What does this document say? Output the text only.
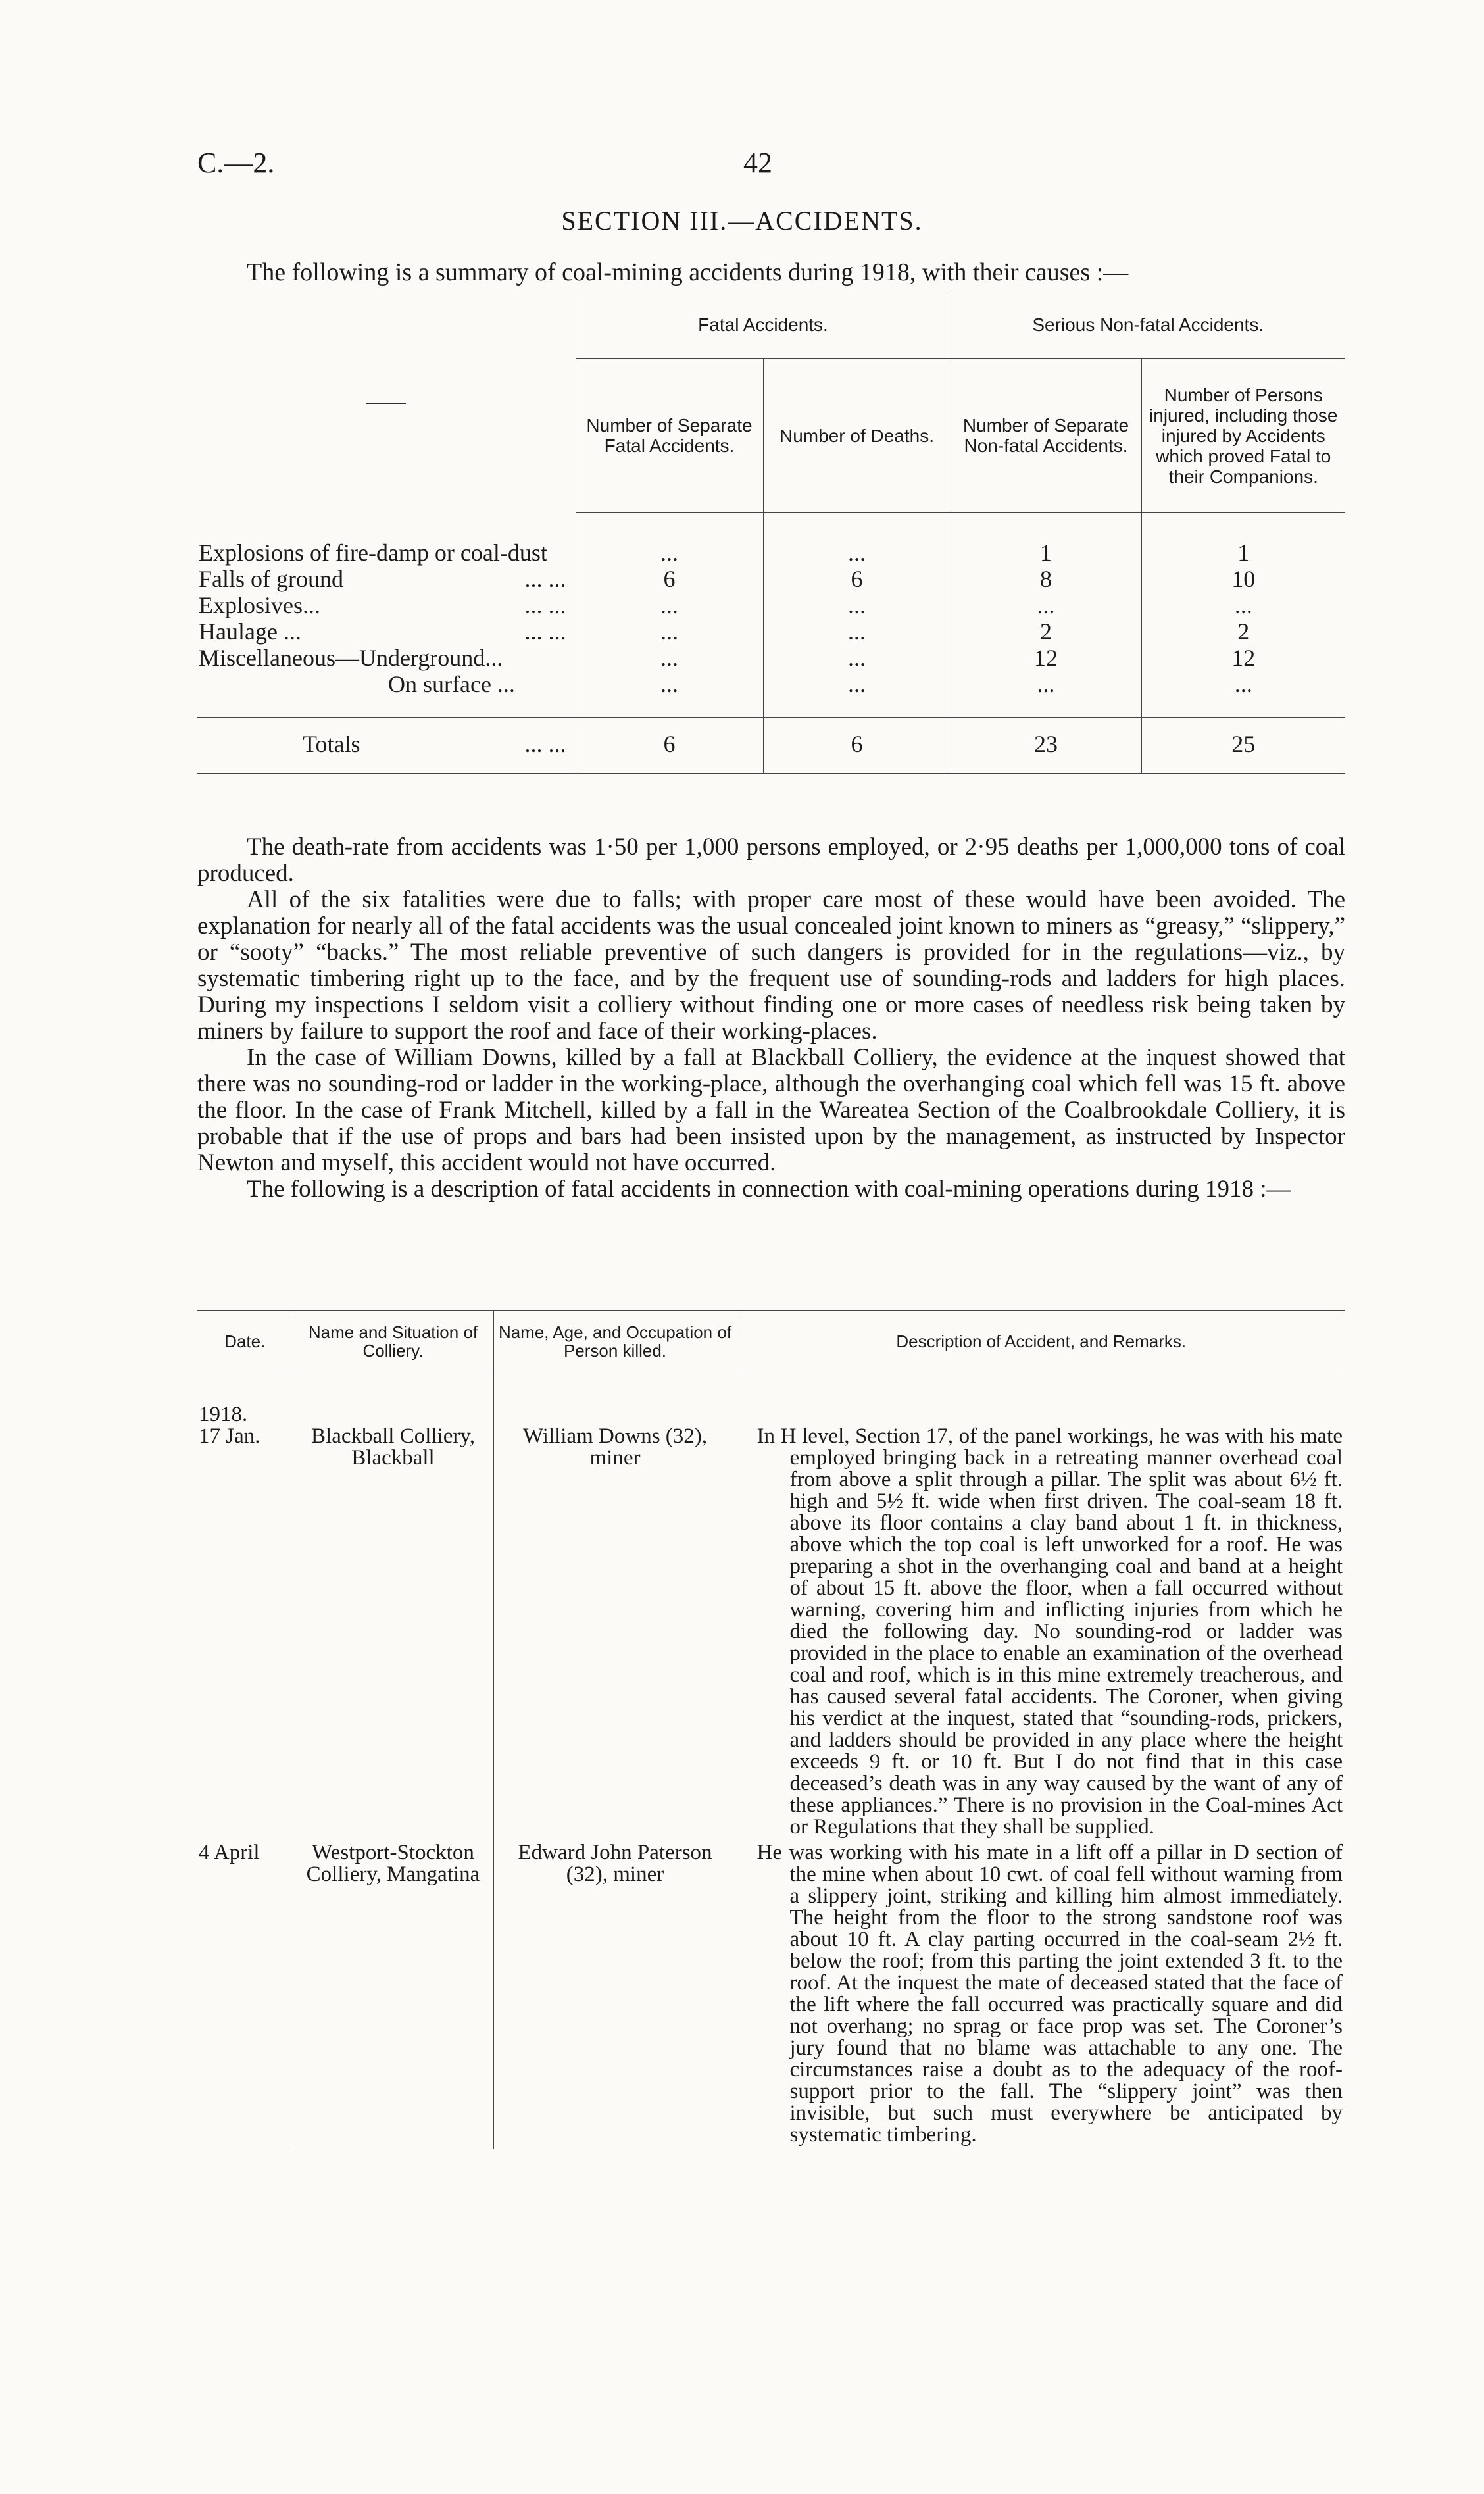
C.—2.	42
SECTION III.—ACCIDENTS.
The following is a summary of coal-mining accidents during 1918, with their causes :—
	Fatal Accidents.		Serious Non-fatal Accidents.	
	Number of Separate Fatal Accidents.	Number of Deaths.	Number of Separate Non-fatal Accidents.	Number of Persons injured, including those injured by Accidents which proved Fatal to their Companions.
Explosions of fire-damp or coal-dust	...	...	1	1
Falls of ground ... ...	6	6	8	10
Explosives... ... ...	...	...	...	...
Haulage ... ... ...	...	...	2	2
Miscellaneous—Underground...	...	...	12	12
On surface ...	...	...	...	...
Totals ... ...	6	6	23	25

The death-rate from accidents was 1·50 per 1,000 persons employed, or 2·95 deaths per 1,000,000 tons of coal produced.

All of the six fatalities were due to falls; with proper care most of these would have been avoided. The explanation for nearly all of the fatal accidents was the usual concealed joint known to miners as “greasy,” “slippery,” or “sooty” “backs.” The most reliable preventive of such dangers is provided for in the regulations—viz., by systematic timbering right up to the face, and by the frequent use of sounding-rods and ladders for high places. During my inspections I seldom visit a colliery without finding one or more cases of needless risk being taken by miners by failure to support the roof and face of their working-places.

In the case of William Downs, killed by a fall at Blackball Colliery, the evidence at the inquest showed that there was no sounding-rod or ladder in the working-place, although the overhanging coal which fell was 15 ft. above the floor. In the case of Frank Mitchell, killed by a fall in the Wareatea Section of the Coalbrookdale Colliery, it is probable that if the use of props and bars had been insisted upon by the management, as instructed by Inspector Newton and myself, this accident would not have occurred.

The following is a description of fatal accidents in connection with coal-mining operations during 1918 :—

Date.	Name and Situation of Colliery.	Name, Age, and Occupation of Person killed.	Description of Accident, and Remarks.

1918.
17 Jan.	Blackball Colliery, Blackball	William Downs (32), miner	In H level, Section 17, of the panel workings, he was with his mate employed bringing back in a retreating manner overhead coal from above a split through a pillar. The split was about 6½ ft. high and 5½ ft. wide when first driven. The coal-seam 18 ft. above its floor contains a clay band about 1 ft. in thickness, above which the top coal is left unworked for a roof. He was preparing a shot in the overhanging coal and band at a height of about 15 ft. above the floor, when a fall occurred without warning, covering him and inflicting injuries from which he died the following day. No sounding-rod or ladder was provided in the place to enable an examination of the overhead coal and roof, which is in this mine extremely treacherous, and has caused several fatal accidents. The Coroner, when giving his verdict at the inquest, stated that “sounding-rods, prickers, and ladders should be provided in any place where the height exceeds 9 ft. or 10 ft. But I do not find that in this case deceased’s death was in any way caused by the want of any of these appliances.” There is no provision in the Coal-mines Act or Regulations that they shall be supplied.

4 April	Westport-Stockton Colliery, Mangatina	Edward John Paterson (32), miner	He was working with his mate in a lift off a pillar in D section of the mine when about 10 cwt. of coal fell without warning from a slippery joint, striking and killing him almost immediately. The height from the floor to the strong sandstone roof was about 10 ft. A clay parting occurred in the coal-seam 2½ ft. below the roof; from this parting the joint extended 3 ft. to the roof. At the inquest the mate of deceased stated that the face of the lift where the fall occurred was practically square and did not overhang; no sprag or face prop was set. The Coroner’s jury found that no blame was attachable to any one. The circumstances raise a doubt as to the adequacy of the roof-support prior to the fall. The “slippery joint” was then invisible, but such must everywhere be anticipated by systematic timbering.
